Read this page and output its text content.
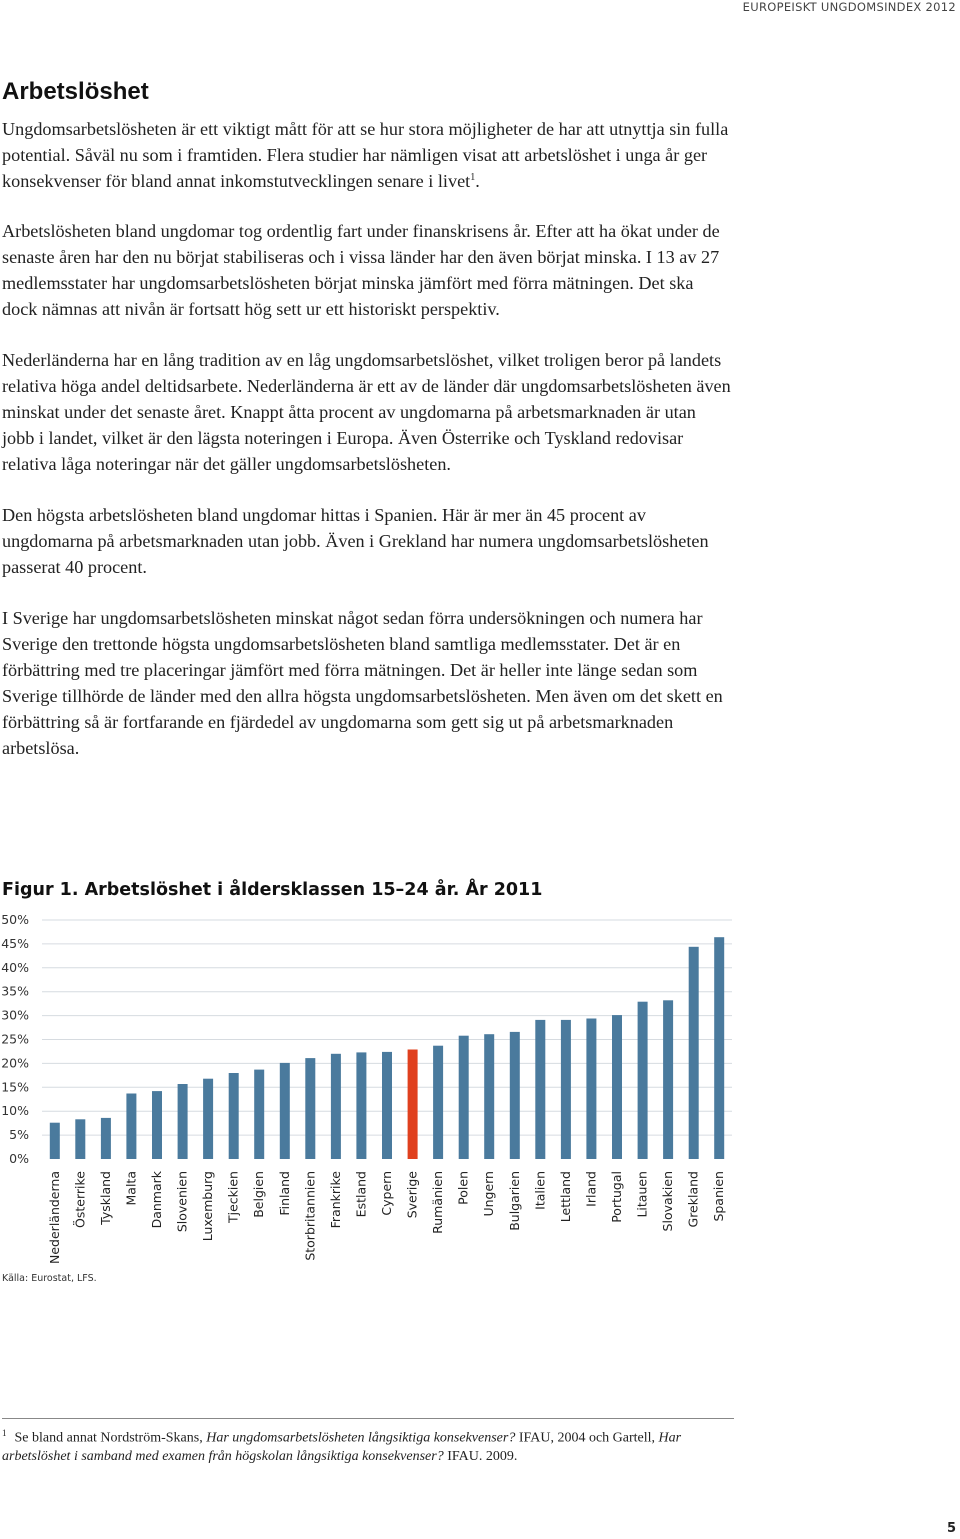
EUROPEISKT UNGDOMSINDEX 2012
Arbetslöshet

Ungdomsarbetslösheten är ett viktigt mått för att se hur stora möjligheter de har att utnyttja sin fulla potential. Såväl nu som i framtiden. Flera studier har nämligen visat att arbetslöshet i unga år ger konsekvenser för bland annat inkomstutvecklingen senare i livet$^1$.

Arbetslösheten bland ungdomar tog ordentlig fart under finanskrisens år. Efter att ha ökat under de senaste åren har den nu börjat stabiliseras och i vissa länder har den även börjat minska. I 13 av 27 medlemsstater har ungdomsarbetslösheten börjat minska jämfört med förra mätningen. Det ska dock nämnas att nivån är fortsatt hög sett ur ett historiskt perspektiv.

Nederländerna har en lång tradition av en låg ungdomsarbetslöshet, vilket troligen beror på landets relativa höga andel deltidsarbete. Nederländerna är ett av de länder där ungdomsarbetslösheten även minskat under det senaste året. Knappt åtta procent av ungdomarna på arbetsmarknaden är utan jobb i landet, vilket är den lägsta noteringen i Europa. Även Österrike och Tyskland redovisar relativa låga noteringar när det gäller ungdomsarbetslösheten.

Den högsta arbetslösheten bland ungdomar hittas i Spanien. Här är mer än 45 procent av ungdomarna på arbetsmarknaden utan jobb. Även i Grekland har numera ungdomsarbetslösheten passerat 40 procent.

I Sverige har ungdomsarbetslösheten minskat något sedan förra undersökningen och numera har Sverige den trettonde högsta ungdomsarbetslösheten bland samtliga medlemsstater. Det är en förbättring med tre placeringar jämfört med förra mätningen. Det är heller inte länge sedan som Sverige tillhörde de länder med den allra högsta ungdomsarbetslösheten. Men även om det skett en förbättring så är fortfarande en fjärdedel av ungdomarna som gett sig ut på arbetsmarknaden arbetslösa.

Figur 1. Arbetslöshet i åldersklassen 15–24 år. År 2011
0%
5%
10%
15%
20%
25%
30%
35%
40%
45%
50%
Nederländerna Österrike Tyskland Malta Danmark Slovenien Luxemburg Tjeckien Belgien Finland Storbritannien Frankrike Estland Cypern Sverige Rumänien Polen Ungern Bulgarien Italien Lettland Irland Portugal Litauen Slovakien Grekland Spanien
Källa: Eurostat, LFS.
$^1$ Se bland annat Nordström-Skans, Har ungdomsarbetslösheten långsiktiga konsekvenser? IFAU, 2004 och Gartell, Har arbetslöshet i samband med examen från högskolan långsiktiga konsekvenser? IFAU. 2009.
5
